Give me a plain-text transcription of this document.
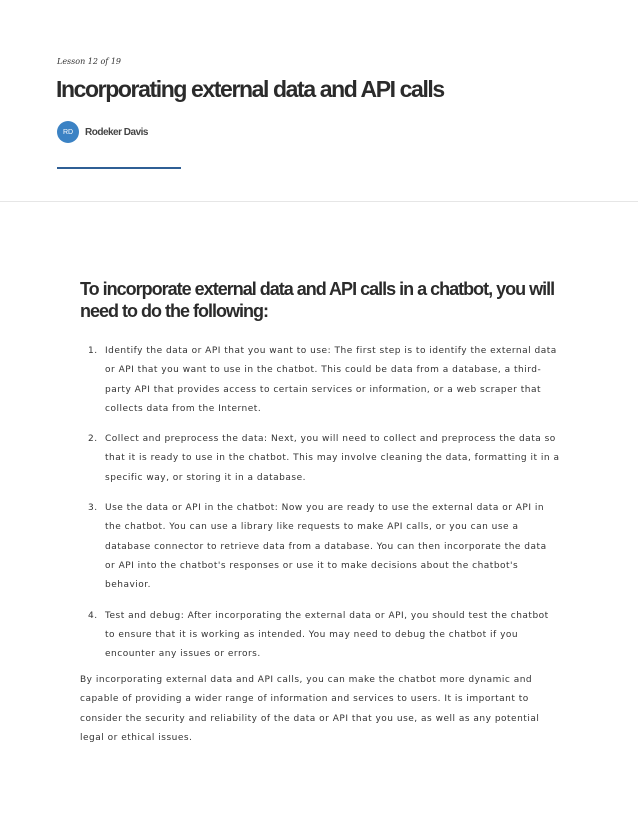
Lesson 12 of 19
Incorporating external data and API calls
RD	Rodeker Davis
To incorporate external data and API calls in a chatbot, you will need to do the following:
1. Identify the data or API that you want to use: The first step is to identify the external data or API that you want to use in the chatbot. This could be data from a database, a third-party API that provides access to certain services or information, or a web scraper that collects data from the Internet.
2. Collect and preprocess the data: Next, you will need to collect and preprocess the data so that it is ready to use in the chatbot. This may involve cleaning the data, formatting it in a specific way, or storing it in a database.
3. Use the data or API in the chatbot: Now you are ready to use the external data or API in the chatbot. You can use a library like requests to make API calls, or you can use a database connector to retrieve data from a database. You can then incorporate the data or API into the chatbot's responses or use it to make decisions about the chatbot's behavior.
4. Test and debug: After incorporating the external data or API, you should test the chatbot to ensure that it is working as intended. You may need to debug the chatbot if you encounter any issues or errors.

By incorporating external data and API calls, you can make the chatbot more dynamic and capable of providing a wider range of information and services to users. It is important to consider the security and reliability of the data or API that you use, as well as any potential legal or ethical issues.
